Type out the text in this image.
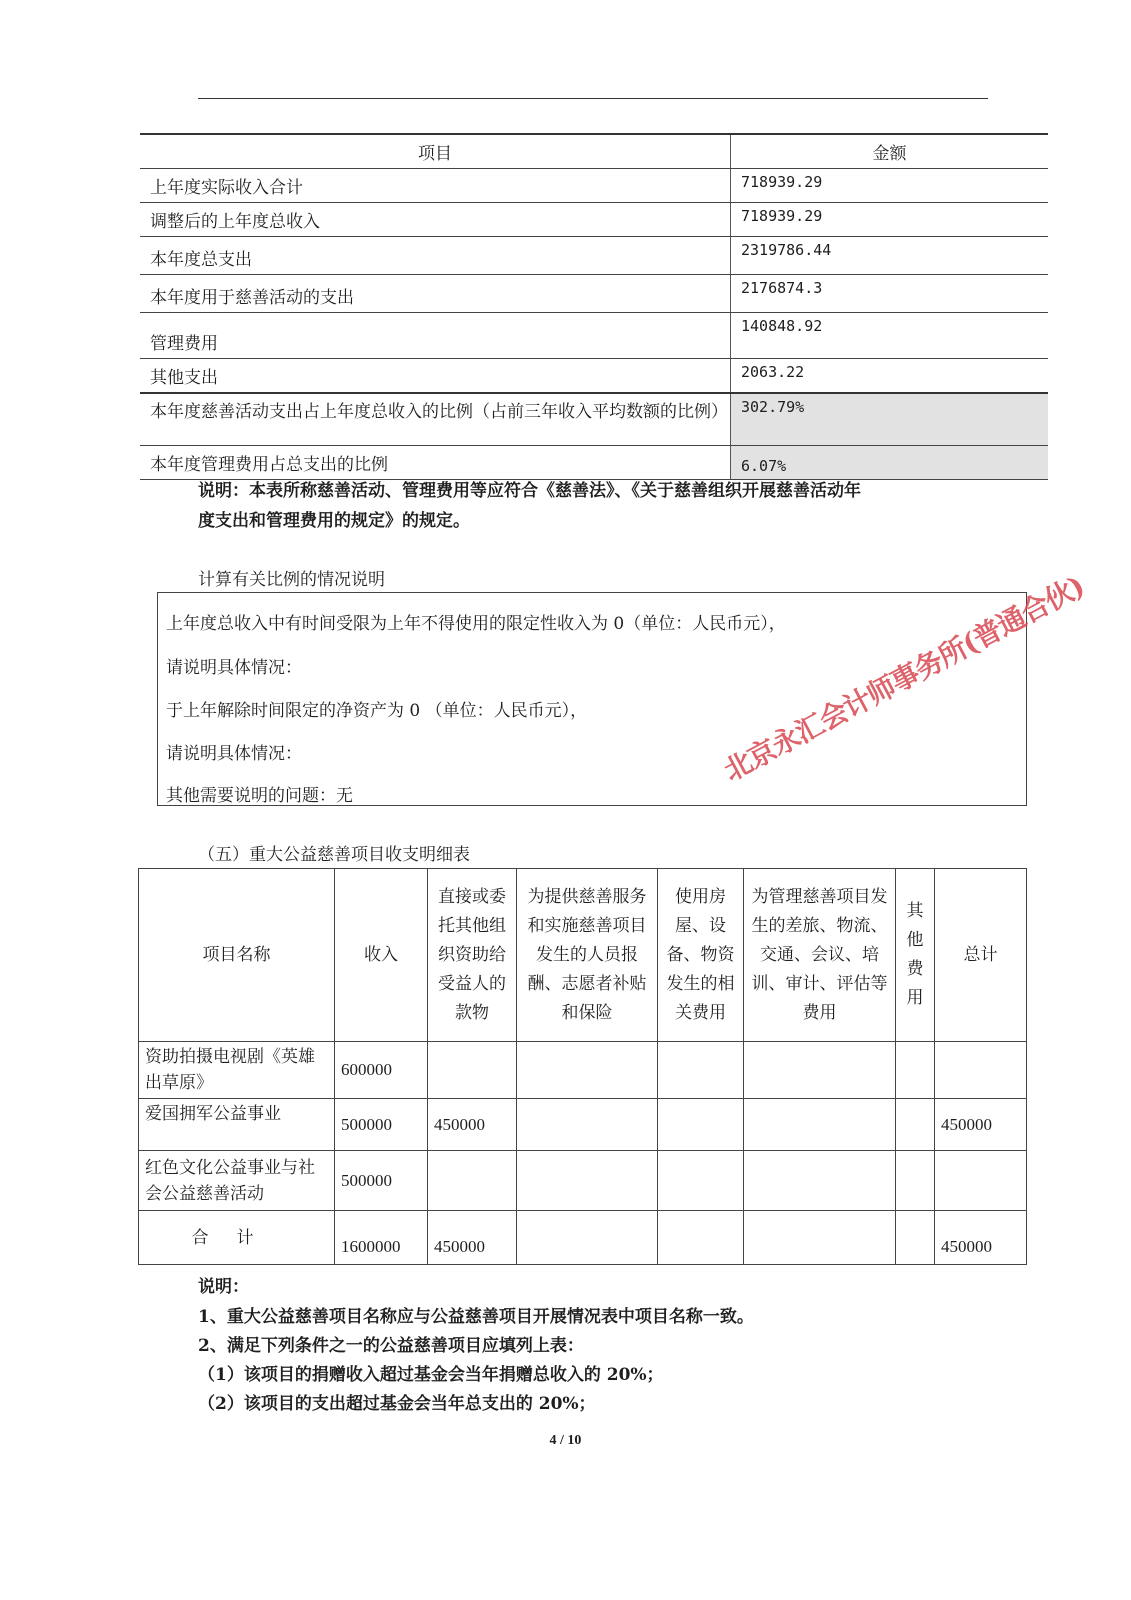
项目	金额
上年度实际收入合计	718939.29
调整后的上年度总收入	718939.29
本年度总支出	2319786.44
本年度用于慈善活动的支出	2176874.3
管理费用	140848.92
其他支出	2063.22
本年度慈善活动支出占上年度总收入的比例（占前三年收入平均数额的比例）	302.79%
本年度管理费用占总支出的比例	6.07%
说明：本表所称慈善活动、管理费用等应符合《慈善法》、《关于慈善组织开展慈善活动年
度支出和管理费用的规定》的规定。
计算有关比例的情况说明
上年度总收入中有时间受限为上年不得使用的限定性收入为 0（单位：人民币元），
请说明具体情况：
于上年解除时间限定的净资产为 0 （单位：人民币元），
请说明具体情况：
其他需要说明的问题：无
北京永汇会计师事务所(普通合伙)
（五）重大公益慈善项目收支明细表
项目名称	收入	直接或委托其他组织资助给受益人的款物	为提供慈善服务和实施慈善项目发生的人员报酬、志愿者补贴和保险	使用房屋、设备、物资发生的相关费用	为管理慈善项目发生的差旅、物流、交通、会议、培训、审计、评估等费用	其他费用	总计
资助拍摄电视剧《英雄出草原》	600000						
爱国拥军公益事业	500000	450000					450000
红色文化公益事业与社会公益慈善活动	500000						
合计	1600000	450000					450000
说明：
1、重大公益慈善项目名称应与公益慈善项目开展情况表中项目名称一致。
2、满足下列条件之一的公益慈善项目应填列上表：
（1）该项目的捐赠收入超过基金会当年捐赠总收入的 20%；
（2）该项目的支出超过基金会当年总支出的 20%；
4 / 10
